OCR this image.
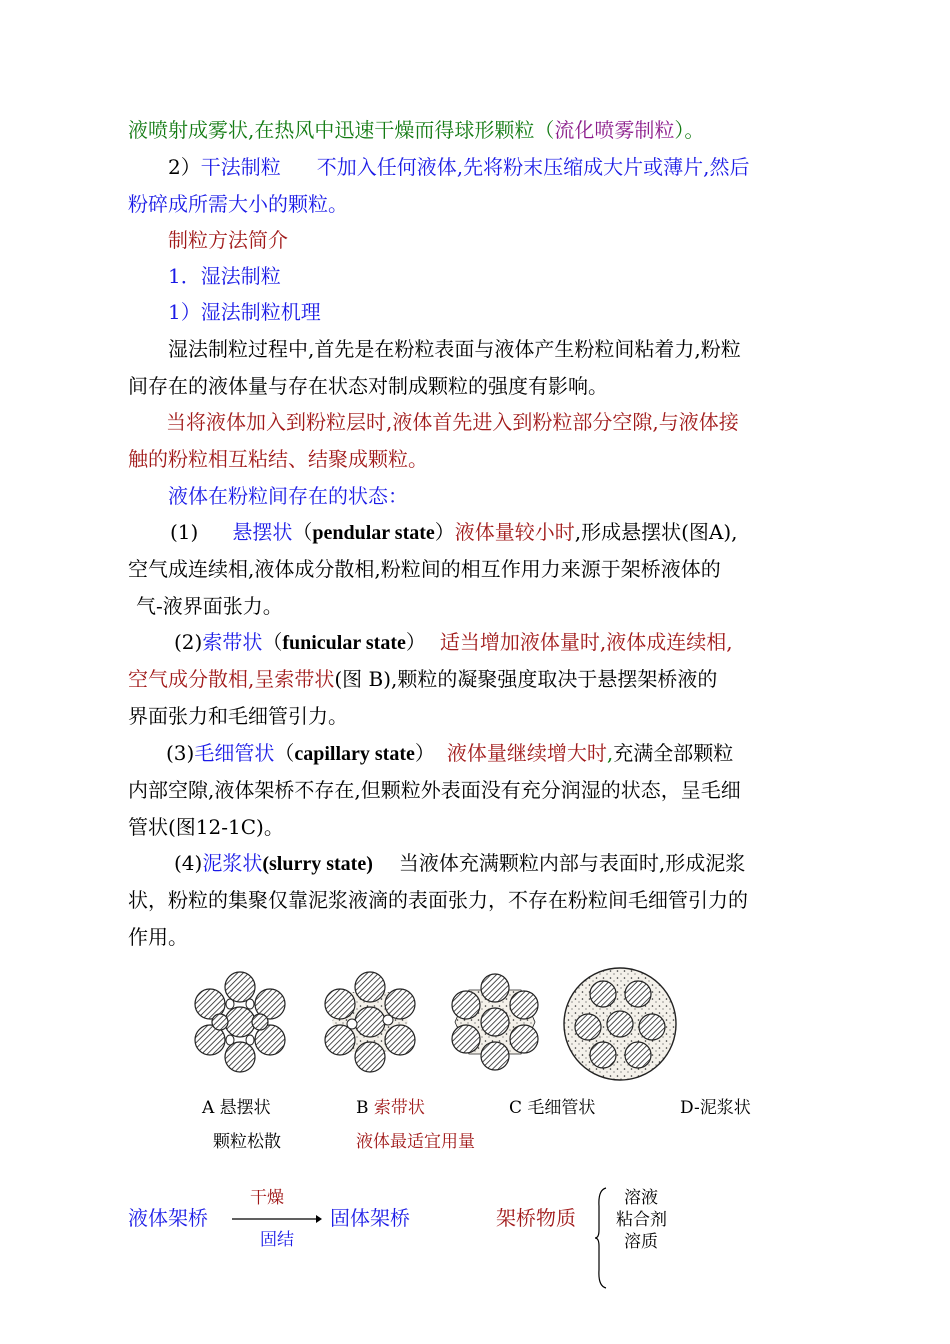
液喷射成雾状,在热风中迅速干燥而得球形颗粒（流化喷雾制粒）。
2）干法制粒 不加入任何液体,先将粉末压缩成大片或薄片,然后
粉碎成所需大小的颗粒。
制粒方法简介
1．湿法制粒
1）湿法制粒机理
湿法制粒过程中,首先是在粉粒表面与液体产生粉粒间粘着力,粉粒
间存在的液体量与存在状态对制成颗粒的强度有影响。
当将液体加入到粉粒层时,液体首先进入到粉粒部分空隙,与液体接
触的粉粒相互粘结、结聚成颗粒。
液体在粉粒间存在的状态：
(1) 悬摆状（pendular state）液体量较小时,形成悬摆状(图A),
空气成连续相,液体成分散相,粉粒间的相互作用力来源于架桥液体的
气-液界面张力。
(2)索带状（funicular state） 适当增加液体量时,液体成连续相,
空气成分散相,呈索带状(图 B),颗粒的凝聚强度取决于悬摆架桥液的
界面张力和毛细管引力。
(3)毛细管状（capillary state） 液体量继续增大时,充满全部颗粒
内部空隙,液体架桥不存在,但颗粒外表面没有充分润湿的状态，呈毛细
管状(图12-1C)。
(4)泥浆状(slurry state) 当液体充满颗粒内部与表面时,形成泥浆
状，粉粒的集聚仅靠泥浆液滴的表面张力，不存在粉粒间毛细管引力的
作用。
A 悬摆状
颗粒松散
B 索带状
液体最适宜用量
C 毛细管状	D-泥浆状
液体架桥
干燥
固结
固体架桥	架桥物质
溶液
粘合剂
溶质
